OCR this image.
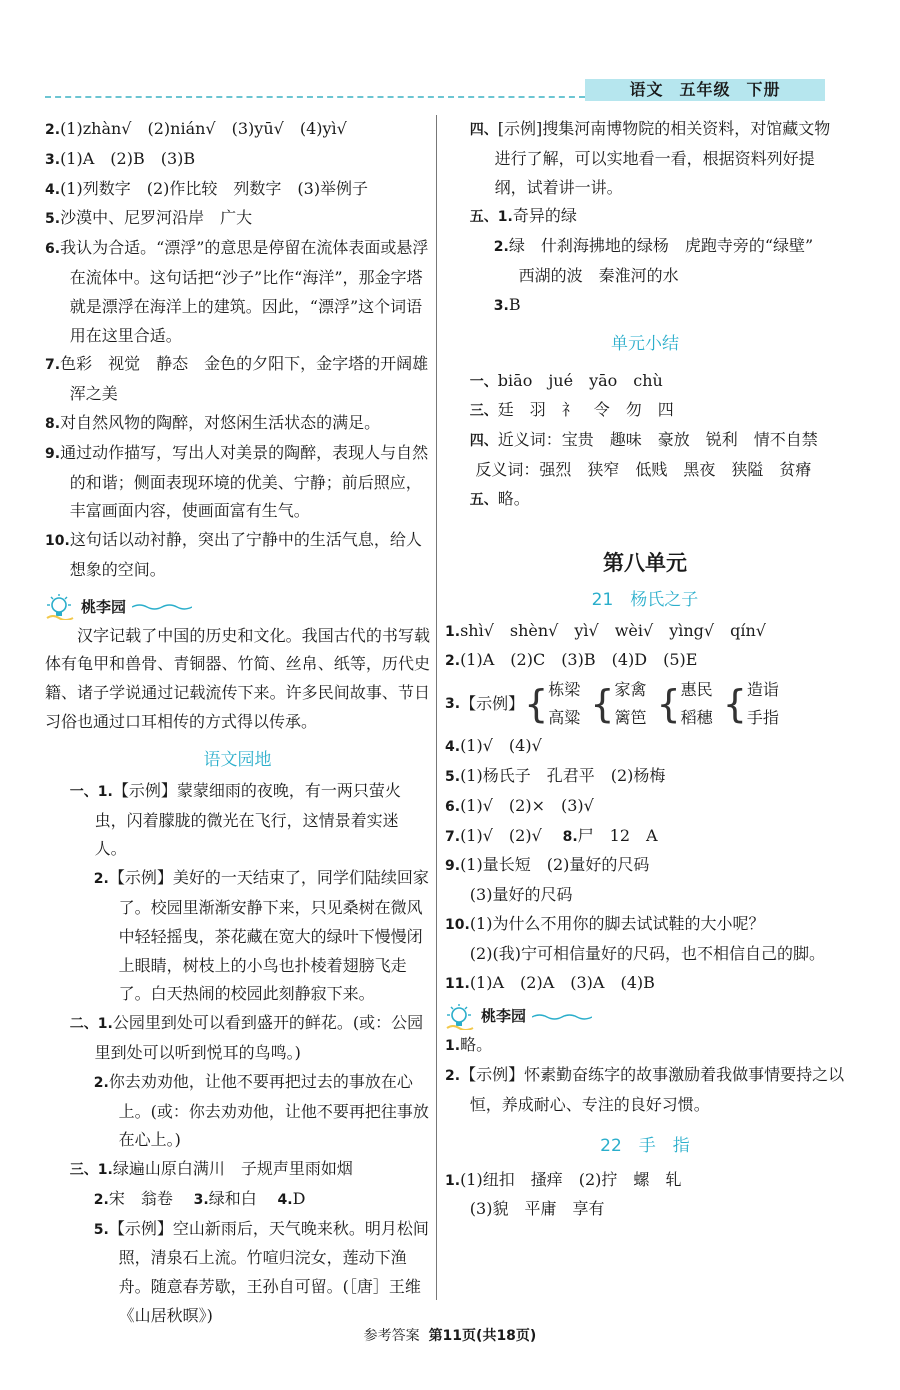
语文 五年级 下册

2.(1)zhàn√　(2)nián√　(3)yū√　(4)yì√

3.(1)A　(2)B　(3)B

4.(1)列数字　(2)作比较　列数字　(3)举例子

5.沙漠中、尼罗河沿岸　广大

6.我认为合适。“漂浮”的意思是停留在流体表面或悬浮在流体中。这句话把“沙子”比作“海洋”，那金字塔就是漂浮在海洋上的建筑。因此，“漂浮”这个词语用在这里合适。

7.色彩　视觉　静态　金色的夕阳下，金字塔的开阔雄浑之美

8.对自然风物的陶醉，对悠闲生活状态的满足。

9.通过动作描写，写出人对美景的陶醉，表现人与自然的和谐；侧面表现环境的优美、宁静；前后照应，丰富画面内容，使画面富有生气。

10.这句话以动衬静，突出了宁静中的生活气息，给人想象的空间。

桃李园

汉字记载了中国的历史和文化。我国古代的书写载体有龟甲和兽骨、青铜器、竹简、丝帛、纸等，历代史籍、诸子学说通过记载流传下来。许多民间故事、节日习俗也通过口耳相传的方式得以传承。

语文园地

一、1.【示例】蒙蒙细雨的夜晚，有一两只萤火虫，闪着朦胧的微光在飞行，这情景着实迷人。

2.【示例】美好的一天结束了，同学们陆续回家了。校园里渐渐安静下来，只见桑树在微风中轻轻摇曳，茶花藏在宽大的绿叶下慢慢闭上眼睛，树枝上的小鸟也扑棱着翅膀飞走了。白天热闹的校园此刻静寂下来。

二、1.公园里到处可以看到盛开的鲜花。(或：公园里到处可以听到悦耳的鸟鸣。)

2.你去劝劝他，让他不要再把过去的事放在心上。(或：你去劝劝他，让他不要再把往事放在心上。)

三、1.绿遍山原白满川　子规声里雨如烟

2.宋　翁卷 3.绿和白 4.D

5.【示例】空山新雨后，天气晚来秋。明月松间照，清泉石上流。竹喧归浣女，莲动下渔舟。随意春芳歇，王孙自可留。(［唐］王维《山居秋暝》)

四、[示例]搜集河南博物院的相关资料，对馆藏文物进行了解，可以实地看一看，根据资料列好提纲，试着讲一讲。

五、1.奇异的绿

2.绿　什刹海拂地的绿杨　虎跑寺旁的“绿壁”　西湖的波　秦淮河的水

3.B

单元小结

一、biāo　jué　yāo　chù

三、廷　羽　礻　令　勿　四

四、近义词：宝贵　趣味　豪放　锐利　情不自禁

反义词：强烈　狭窄　低贱　黑夜　狭隘　贫瘠

五、略。

第八单元

21　杨氏之子

1.shì√　shèn√　yì√　wèi√　yìng√　qín√

2.(1)A　(2)C　(3)B　(4)D　(5)E

3. 【示例】 { 栋梁
高粱 { 家禽
篱笆 { 惠民
稻穗 { 造诣
手指

4.(1)√　(4)√

5.(1)杨氏子　孔君平　(2)杨梅

6.(1)√　(2)×　(3)√

7.(1)√　(2)√ 8.尸　12　A

9.(1)量长短　(2)量好的尺码

(3)量好的尺码

10.(1)为什么不用你的脚去试试鞋的大小呢？

(2)(我)宁可相信量好的尺码，也不相信自己的脚。

11.(1)A　(2)A　(3)A　(4)B

桃李园

1.略。

2.【示例】怀素勤奋练字的故事激励着我做事情要持之以恒，养成耐心、专注的良好习惯。

22　手　指

1.(1)纽扣　搔痒　(2)拧　螺　轧

(3)貌　平庸　享有

参考答案 第11页(共18页)
